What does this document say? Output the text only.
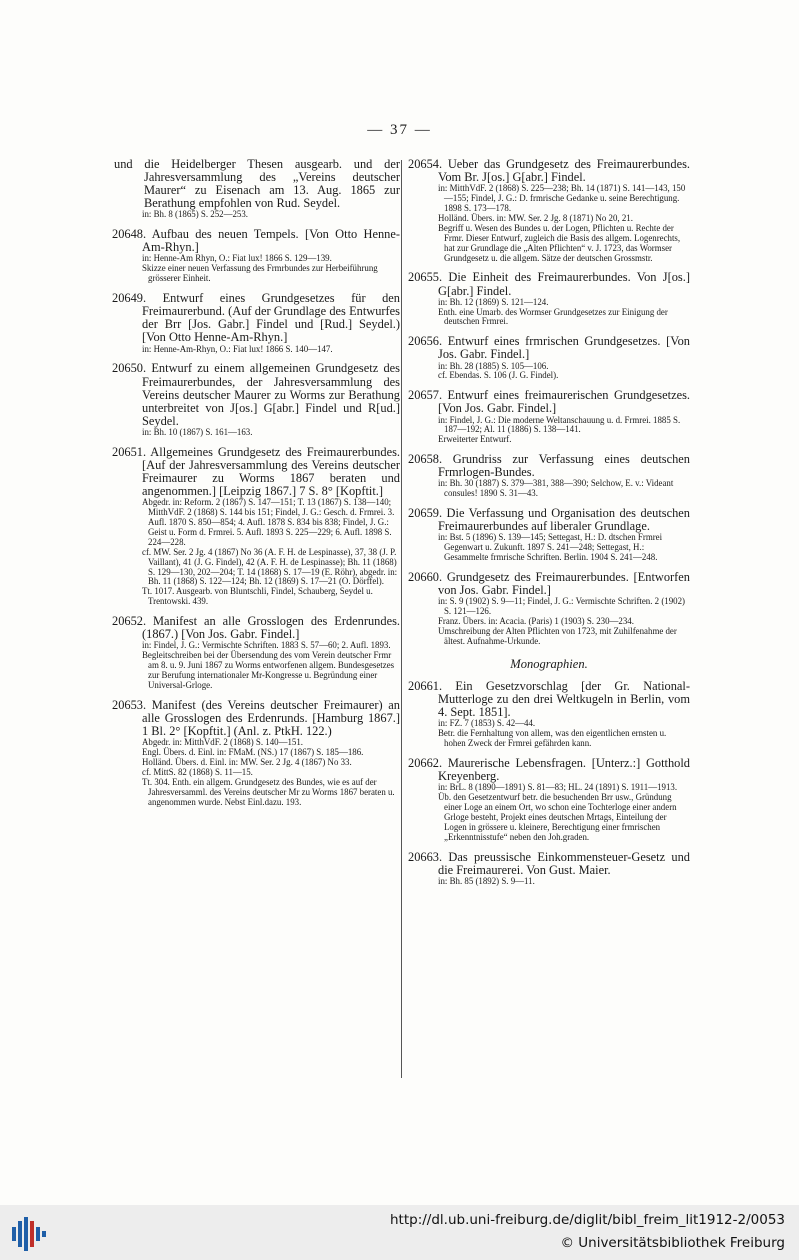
— 37 —
und die Heidelberger Thesen ausgearb. und der Jahresversammlung des „Vereins deutscher Maurer“ zu Eisenach am 13. Aug. 1865 zur Berathung empfohlen von Rud. Seydel.
in: Bh. 8 (1865) S. 252—253.
20648. Aufbau des neuen Tempels. [Von Otto Henne-Am-Rhyn.]
in: Henne-Am Rhyn, O.: Fiat lux! 1866 S. 129—139.
Skizze einer neuen Verfassung des Frmrbundes zur Herbeiführung grösserer Einheit.
20649. Entwurf eines Grundgesetzes für den Freimaurerbund. (Auf der Grundlage des Entwurfes der Brr [Jos. Gabr.] Findel und [Rud.] Seydel.) [Von Otto Henne-Am-Rhyn.]
in: Henne-Am-Rhyn, O.: Fiat lux! 1866 S. 140—147.
20650. Entwurf zu einem allgemeinen Grundgesetz des Freimaurerbundes, der Jahresversammlung des Vereins deutscher Maurer zu Worms zur Berathung unterbreitet von J[os.] G[abr.] Findel und R[ud.] Seydel.
in: Bh. 10 (1867) S. 161—163.
20651. Allgemeines Grundgesetz des Freimaurerbundes. [Auf der Jahresversammlung des Vereins deutscher Freimaurer zu Worms 1867 beraten und angenommen.] [Leipzig 1867.] 7 S. 8° [Kopftit.]
Abgedr. in: Reform. 2 (1867) S. 147—151; T. 13 (1867) S. 138—140; MitthVdF. 2 (1868) S. 144 bis 151; Findel, J. G.: Gesch. d. Frmrei. 3. Aufl. 1870 S. 850—854; 4. Aufl. 1878 S. 834 bis 838; Findel, J. G.: Geist u. Form d. Frmrei. 5. Aufl. 1893 S. 225—229; 6. Aufl. 1898 S. 224—228.
cf. MW. Ser. 2 Jg. 4 (1867) No 36 (A. F. H. de Lespinasse), 37, 38 (J. P. Vaillant), 41 (J. G. Findel), 42 (A. F. H. de Lespinasse); Bh. 11 (1868) S. 129—130, 202—204; T. 14 (1868) S. 17—19 (E. Röhr), abgedr. in: Bh. 11 (1868) S. 122—124; Bh. 12 (1869) S. 17—21 (O. Dörffel).
Tt. 1017. Ausgearb. von Bluntschli, Findel, Schauberg, Seydel u. Trentowski. 439.
20652. Manifest an alle Grosslogen des Erdenrundes. (1867.) [Von Jos. Gabr. Findel.]
in: Findel, J. G.: Vermischte Schriften. 1883 S. 57—60; 2. Aufl. 1893.
Begleitschreiben bei der Übersendung des vom Verein deutscher Frmr am 8. u. 9. Juni 1867 zu Worms entworfenen allgem. Bundesgesetzes zur Berufung internationaler Mr-Kongresse u. Begründung einer Universal-Grloge.
20653. Manifest (des Vereins deutscher Freimaurer) an alle Grosslogen des Erdenrunds. [Hamburg 1867.] 1 Bl. 2° [Kopftit.] (Anl. z. PtkH. 122.)
Abgedr. in: MitthVdF. 2 (1868) S. 140—151.
Engl. Übers. d. Einl. in: FMaM. (NS.) 17 (1867) S. 185—186.
Holländ. Übers. d. Einl. in: MW. Ser. 2 Jg. 4 (1867) No 33.
cf. MittS. 82 (1868) S. 11—15.
Tt. 304. Enth. ein allgem. Grundgesetz des Bundes, wie es auf der Jahresversamml. des Vereins deutscher Mr zu Worms 1867 beraten u. angenommen wurde. Nebst Einl.dazu. 193.
20654. Ueber das Grundgesetz des Freimaurerbundes. Vom Br. J[os.] G[abr.] Findel.
in: MitthVdF. 2 (1868) S. 225—238; Bh. 14 (1871) S. 141—143, 150—155; Findel, J. G.: D. frmrische Gedanke u. seine Berechtigung. 1898 S. 173—178.
Holländ. Übers. in: MW. Ser. 2 Jg. 8 (1871) No 20, 21.
Begriff u. Wesen des Bundes u. der Logen, Pflichten u. Rechte der Frmr. Dieser Entwurf, zugleich die Basis des allgem. Logenrechts, hat zur Grundlage die „Alten Pflichten“ v. J. 1723, das Wormser Grundgesetz u. die allgem. Sätze der deutschen Grossmstr.
20655. Die Einheit des Freimaurerbundes. Von J[os.] G[abr.] Findel.
in: Bh. 12 (1869) S. 121—124.
Enth. eine Umarb. des Wormser Grundgesetzes zur Einigung der deutschen Frmrei.
20656. Entwurf eines frmrischen Grundgesetzes. [Von Jos. Gabr. Findel.]
in: Bh. 28 (1885) S. 105—106.
cf. Ebendas. S. 106 (J. G. Findel).
20657. Entwurf eines freimaurerischen Grundgesetzes. [Von Jos. Gabr. Findel.]
in: Findel, J. G.: Die moderne Weltanschauung u. d. Frmrei. 1885 S. 187—192; Al. 11 (1886) S. 138—141.
Erweiterter Entwurf.
20658. Grundriss zur Verfassung eines deutschen Frmrlogen-Bundes.
in: Bh. 30 (1887) S. 379—381, 388—390; Selchow, E. v.: Videant consules! 1890 S. 31—43.
20659. Die Verfassung und Organisation des deutschen Freimaurerbundes auf liberaler Grundlage.
in: Bst. 5 (1896) S. 139—145; Settegast, H.: D. dtschen Frmrei Gegenwart u. Zukunft. 1897 S. 241—248; Settegast, H.: Gesammelte frmrische Schriften. Berlin. 1904 S. 241—248.
20660. Grundgesetz des Freimaurerbundes. [Entworfen von Jos. Gabr. Findel.]
in: S. 9 (1902) S. 9—11; Findel, J. G.: Vermischte Schriften. 2 (1902) S. 121—126.
Franz. Übers. in: Acacia. (Paris) 1 (1903) S. 230—234.
Umschreibung der Alten Pflichten von 1723, mit Zuhilfenahme der ältest. Aufnahme-Urkunde.
Monographien.
20661. Ein Gesetzvorschlag [der Gr. National-Mutterloge zu den drei Weltkugeln in Berlin, vom 4. Sept. 1851].
in: FZ. 7 (1853) S. 42—44.
Betr. die Fernhaltung von allem, was den eigentlichen ernsten u. hohen Zweck der Frmrei gefährden kann.
20662. Maurerische Lebensfragen. [Unterz.:] Gotthold Kreyenberg.
in: BrL. 8 (1890—1891) S. 81—83; HL. 24 (1891) S. 1911—1913.
Üb. den Gesetzentwurf betr. die besuchenden Brr usw., Gründung einer Loge an einem Ort, wo schon eine Tochterloge einer andern Grloge besteht, Projekt eines deutschen Mrtags, Einteilung der Logen in grössere u. kleinere, Berechtigung einer frmrischen „Erkenntnisstufe“ neben den Joh.graden.
20663. Das preussische Einkommensteuer-Gesetz und die Freimaurerei. Von Gust. Maier.
in: Bh. 85 (1892) S. 9—11.
http://dl.ub.uni-freiburg.de/diglit/bibl_freim_lit1912-2/0053
© Universitätsbibliothek Freiburg
